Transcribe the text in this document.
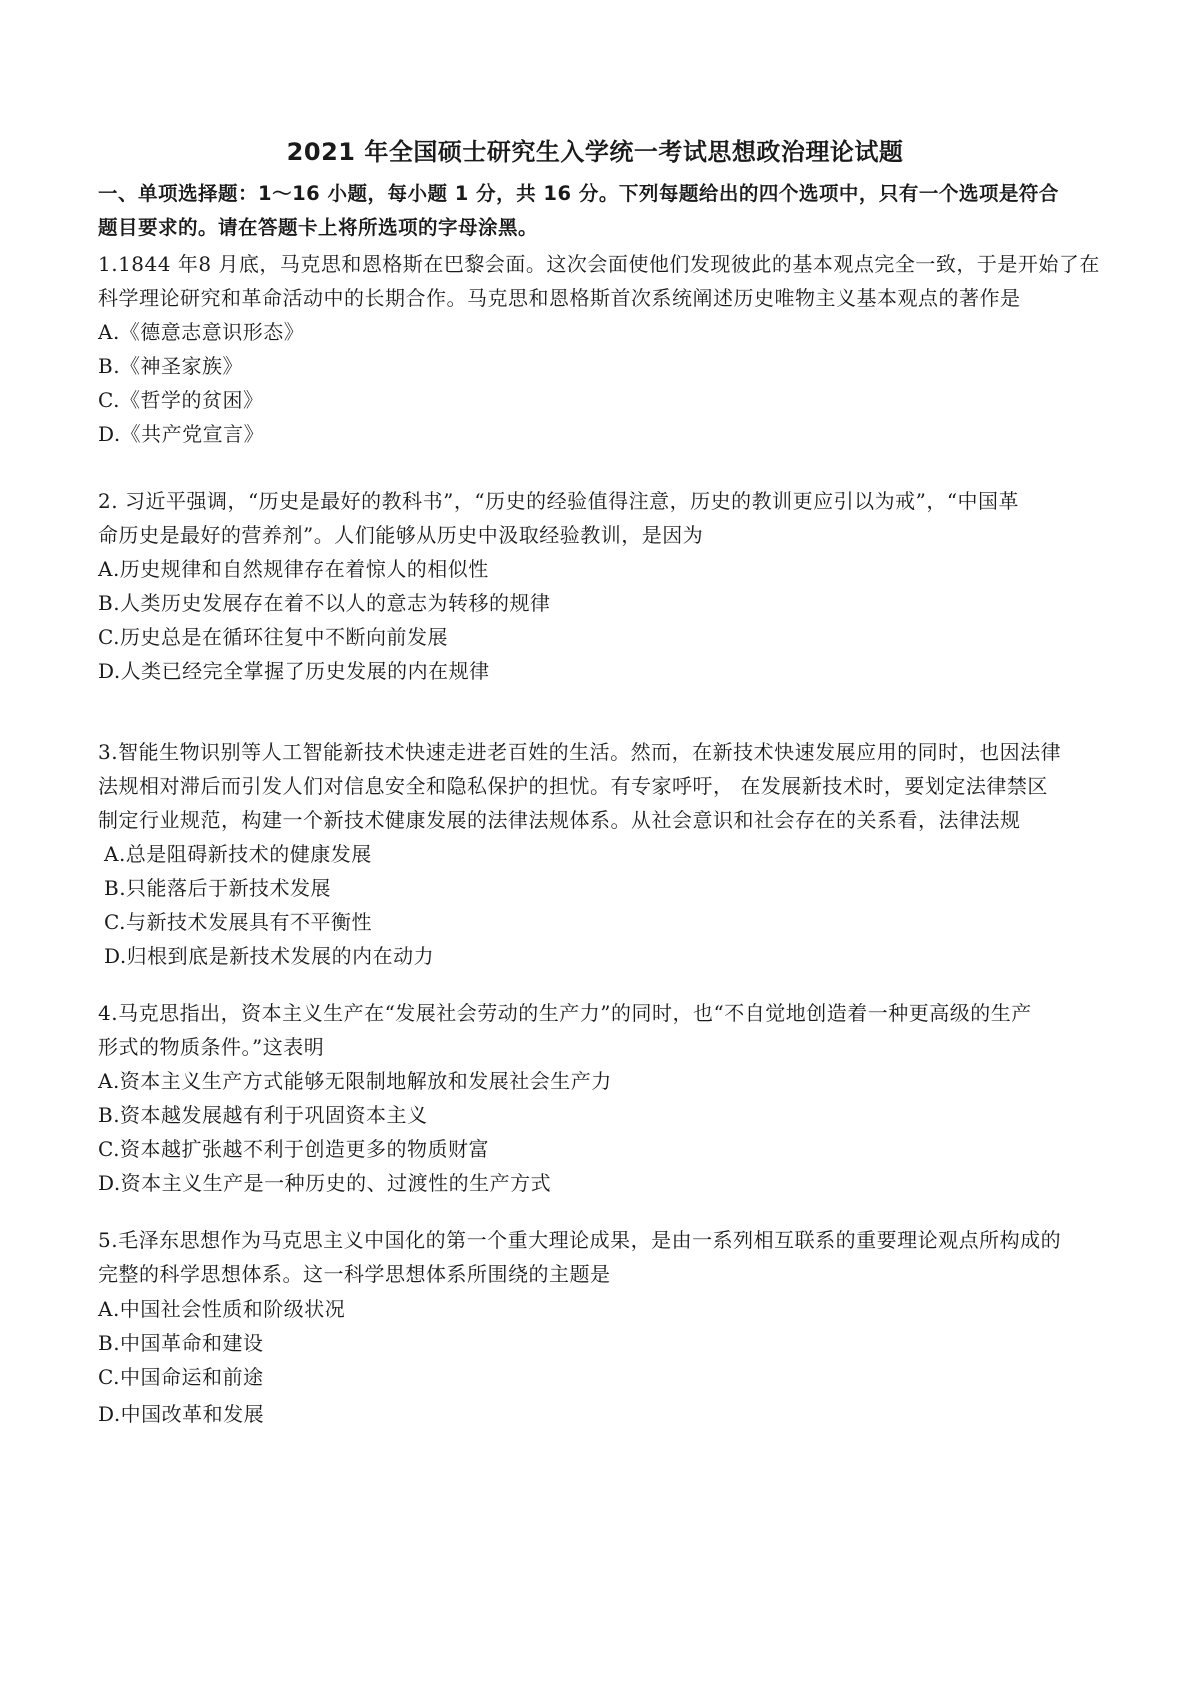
2021 年全国硕士研究生入学统一考试思想政治理论试题
一、单项选择题：1～16 小题，每小题 1 分，共 16 分。下列每题给出的四个选项中，只有一个选项是符合
题目要求的。请在答题卡上将所选项的字母涂黑。
1.1844 年8 月底，马克思和恩格斯在巴黎会面。这次会面使他们发现彼此的基本观点完全一致，于是开始了在
科学理论研究和革命活动中的长期合作。马克思和恩格斯首次系统阐述历史唯物主义基本观点的著作是
A.《德意志意识形态》
B.《神圣家族》
C.《哲学的贫困》
D.《共产党宣言》
2. 习近平强调，“历史是最好的教科书”，“历史的经验值得注意，历史的教训更应引以为戒”，“中国革
命历史是最好的营养剂”。人们能够从历史中汲取经验教训，是因为
A.历史规律和自然规律存在着惊人的相似性
B.人类历史发展存在着不以人的意志为转移的规律
C.历史总是在循环往复中不断向前发展
D.人类已经完全掌握了历史发展的内在规律
3.智能生物识别等人工智能新技术快速走进老百姓的生活。然而，在新技术快速发展应用的同时，也因法律
法规相对滞后而引发人们对信息安全和隐私保护的担忧。有专家呼吁， 在发展新技术时，要划定法律禁区
制定行业规范，构建一个新技术健康发展的法律法规体系。从社会意识和社会存在的关系看，法律法规
A.总是阻碍新技术的健康发展
B.只能落后于新技术发展
C.与新技术发展具有不平衡性
D.归根到底是新技术发展的内在动力
4.马克思指出，资本主义生产在“发展社会劳动的生产力”的同时，也“不自觉地创造着一种更高级的生产
形式的物质条件。”这表明
A.资本主义生产方式能够无限制地解放和发展社会生产力
B.资本越发展越有利于巩固资本主义
C.资本越扩张越不利于创造更多的物质财富
D.资本主义生产是一种历史的、过渡性的生产方式
5.毛泽东思想作为马克思主义中国化的第一个重大理论成果，是由一系列相互联系的重要理论观点所构成的
完整的科学思想体系。这一科学思想体系所围绕的主题是
A.中国社会性质和阶级状况
B.中国革命和建设
C.中国命运和前途
D.中国改革和发展
